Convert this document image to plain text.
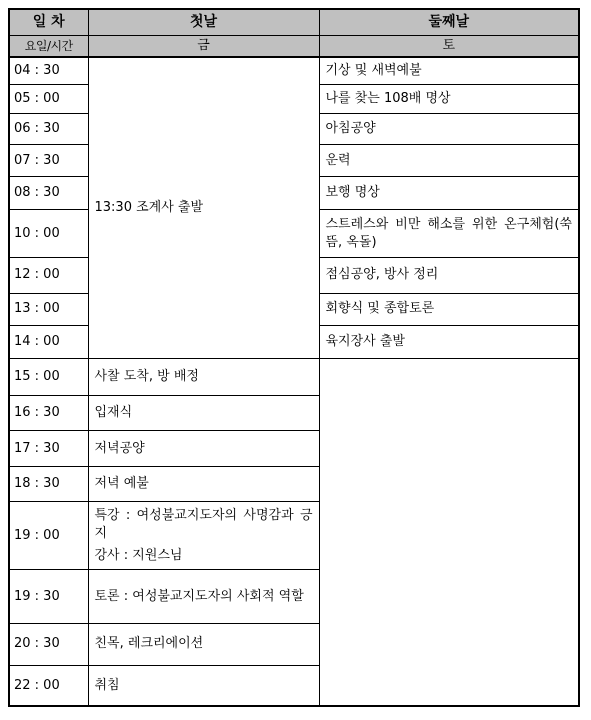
일 차	첫날	둘째날
요일/시간	금	토
04 : 30	13:30 조계사 출발	기상 및 새벽예불
05 : 00		나를 찾는 108배 명상
06 : 30		아침공양
07 : 30		운력
08 : 30		보행 명상
10 : 00		스트레스와 비만 해소를 위한 온구체험(쑥뜸, 옥돌)
12 : 00		점심공양, 방사 정리
13 : 00		회향식 및 종합토론
14 : 00		육지장사 출발
15 : 00	사찰 도착, 방 배정	
16 : 30	입재식	
17 : 30	저녁공양	
18 : 30	저녁 예불	
19 : 00	특강 : 여성불교지도자의 사명감과 긍지
강사 : 지원스님	

19 : 30	토론 : 여성불교지도자의 사회적 역할	
20 : 30	친목, 레크리에이션	
22 : 00	취침	
